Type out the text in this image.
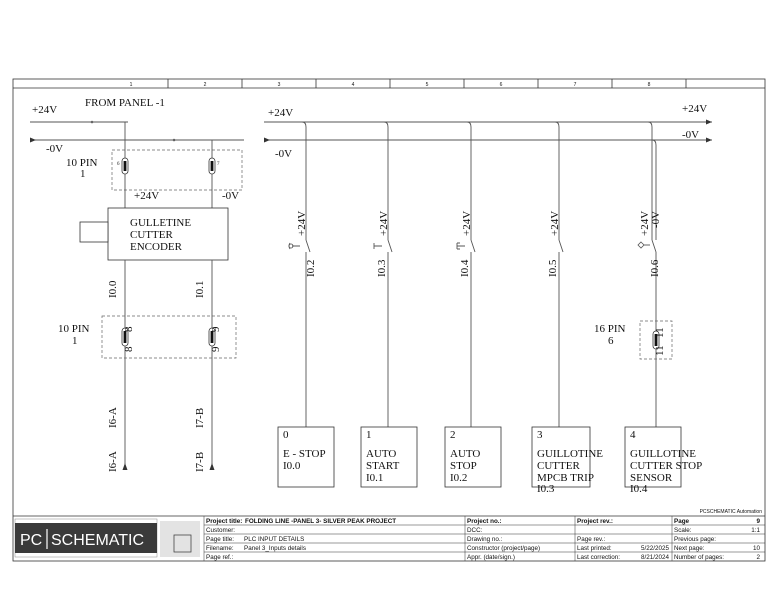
1	2	3	4	5	6	7	8
+24V
FROM PANEL -1
-0V
10 PIN
1
6	7
+24V	-0V
GULLETINE
CUTTER
ENCODER
I0.0	I0.1
10 PIN
1
8
8
9
9
I6-A	I7-B
I6-A	I7-B
+24V	+24V
-0V
-0V
+24V
I0.2
+24V
I0.3
+24V
I0.4
+24V
I0.5
+24V -0V
I0.6
16 PIN
6
11
11
0
E - STOP
I0.0
1
AUTO
START
I0.1
2
AUTO
STOP
I0.2
3
GUILLOTINE
CUTTER
MPCB TRIP
I0.3
4
GUILLOTINE
CUTTER STOP
SENSOR
I0.4
PCSCHEMATIC Automation
PC SCHEMATIC
Project title: FOLDING LINE -PANEL 3- SILVER PEAK PROJECT
Customer:
Page title: PLC INPUT DETAILS
Filename: Panel 3_Inputs details
Page ref.:
Project no.:
DCC:
Drawing no.:
Constructor (project/page)
Appr. (date/sign.)
Project rev.:
Page rev.:
Last printed:	5/22/2025
Last correction:	8/21/2024
Page	9
Scale:	1:1
Previous page:
Next page:	10
Number of pages:	2
